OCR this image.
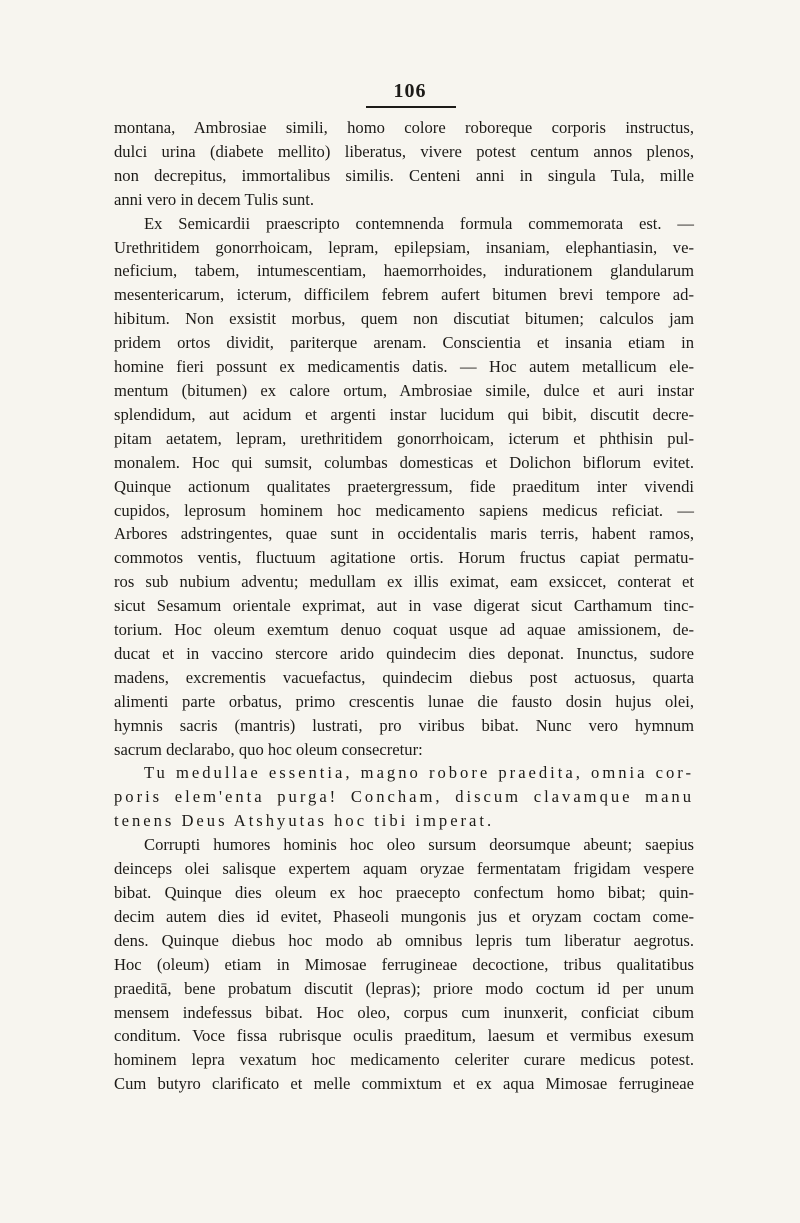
106
montana, Ambrosiae simili, homo colore roboreque corporis instructus,
dulci urina (diabete mellito) liberatus, vivere potest centum annos plenos,
non decrepitus, immortalibus similis. Centeni anni in singula Tula, mille
anni vero in decem Tulis sunt.
Ex Semicardii praescripto contemnenda formula commemorata est. —
Urethritidem gonorrhoicam, lepram, epilepsiam, insaniam, elephantiasin, ve-
neficium, tabem, intumescentiam, haemorrhoides, indurationem glandularum
mesentericarum, icterum, difficilem febrem aufert bitumen brevi tempore ad-
hibitum. Non exsistit morbus, quem non discutiat bitumen; calculos jam
pridem ortos dividit, pariterque arenam. Conscientia et insania etiam in
homine fieri possunt ex medicamentis datis. — Hoc autem metallicum ele-
mentum (bitumen) ex calore ortum, Ambrosiae simile, dulce et auri instar
splendidum, aut acidum et argenti instar lucidum qui bibit, discutit decre-
pitam aetatem, lepram, urethritidem gonorrhoicam, icterum et phthisin pul-
monalem. Hoc qui sumsit, columbas domesticas et Dolichon biflorum evitet.
Quinque actionum qualitates praetergressum, fide praeditum inter vivendi
cupidos, leprosum hominem hoc medicamento sapiens medicus reficiat. —
Arbores adstringentes, quae sunt in occidentalis maris terris, habent ramos,
commotos ventis, fluctuum agitatione ortis. Horum fructus capiat permatu-
ros sub nubium adventu; medullam ex illis eximat, eam exsiccet, conterat et
sicut Sesamum orientale exprimat, aut in vase digerat sicut Carthamum tinc-
torium. Hoc oleum exemtum denuo coquat usque ad aquae amissionem, de-
ducat et in vaccino stercore arido quindecim dies deponat. Inunctus, sudore
madens, excrementis vacuefactus, quindecim diebus post actuosus, quarta
alimenti parte orbatus, primo crescentis lunae die fausto dosin hujus olei,
hymnis sacris (mantris) lustrati, pro viribus bibat. Nunc vero hymnum
sacrum declarabo, quo hoc oleum consecretur:
Tu medullae essentia, magno robore praedita, omnia cor-
poris elem'enta purga! Concham, discum clavamque manu
tenens Deus Atshyutas hoc tibi imperat.
Corrupti humores hominis hoc oleo sursum deorsumque abeunt; saepius
deinceps olei salisque expertem aquam oryzae fermentatam frigidam vespere
bibat. Quinque dies oleum ex hoc praecepto confectum homo bibat; quin-
decim autem dies id evitet, Phaseoli mungonis jus et oryzam coctam come-
dens. Quinque diebus hoc modo ab omnibus lepris tum liberatur aegrotus.
Hoc (oleum) etiam in Mimosae ferrugineae decoctione, tribus qualitatibus
praeditā, bene probatum discutit (lepras); priore modo coctum id per unum
mensem indefessus bibat. Hoc oleo, corpus cum inunxerit, conficiat cibum
conditum. Voce fissa rubrisque oculis praeditum, laesum et vermibus exesum
hominem lepra vexatum hoc medicamento celeriter curare medicus potest.
Cum butyro clarificato et melle commixtum et ex aqua Mimosae ferrugineae
